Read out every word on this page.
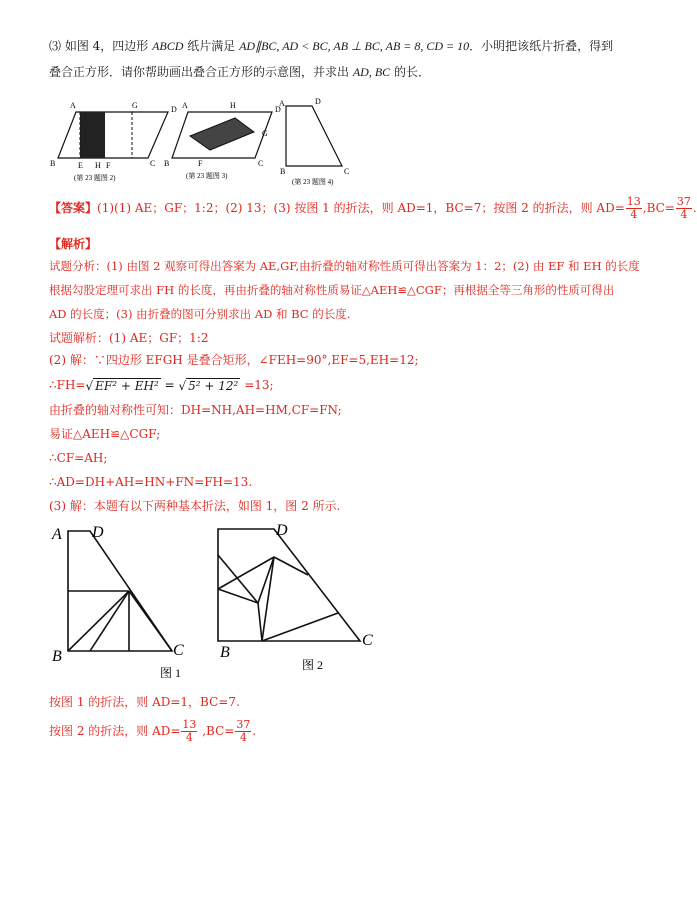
⑶ 如图 4，四边形 ABCD 纸片满足 AD∥BC, AD < BC, AB ⊥ BC, AB = 8, CD = 10．小明把该纸片折叠，得到
叠合正方形．请你帮助画出叠合正方形的示意图，并求出 AD, BC 的长．
A	D
G
B	E H F	C
(第 23 题图 2)
A	H	D
G
B	F	C
(第 23 题图 3)
A	D
B	C
(第 23 题图 4)
【答案】(1)(1) AE；GF；1:2；(2) 13；(3) 按图 1 的折法，则 AD=1，BC=7；按图 2 的折法，则 $AD= \frac{13}{4} ,BC= \frac{37}{4}$ .
【解析】
试题分析：(1) 由图 2 观察可得出答案为 AE,GF,由折叠的轴对称性质可得出答案为 1：2；(2) 由 EF 和 EH 的长度
根据勾股定理可求出 FH 的长度，再由折叠的轴对称性质易证△AEH≌△CGF；再根据全等三角形的性质可得出
AD 的长度；(3) 由折叠的图可分别求出 AD 和 BC 的长度.
试题解析：(1) AE；GF；1:2
(2) 解：∵四边形 EFGH 是叠合矩形，∠FEH=90°,EF=5,EH=12;
∴FH=√ EF² + EH² = √ 5² + 12² =13;
由折叠的轴对称性可知：DH=NH,AH=HM,CF=FN;
易证△AEH≌△CGF;
∴CF=AH;
∴AD=DH+AH=HN+FN=FH=13.
(3) 解：本题有以下两种基本折法，如图 1，图 2 所示.
A D
B	C
图 1
D
B
C
图 2
按图 1 的折法，则 AD=1，BC=7.
按图 2 的折法，则 $AD= \frac{13}{4} ,BC= \frac{37}{4}$ .
